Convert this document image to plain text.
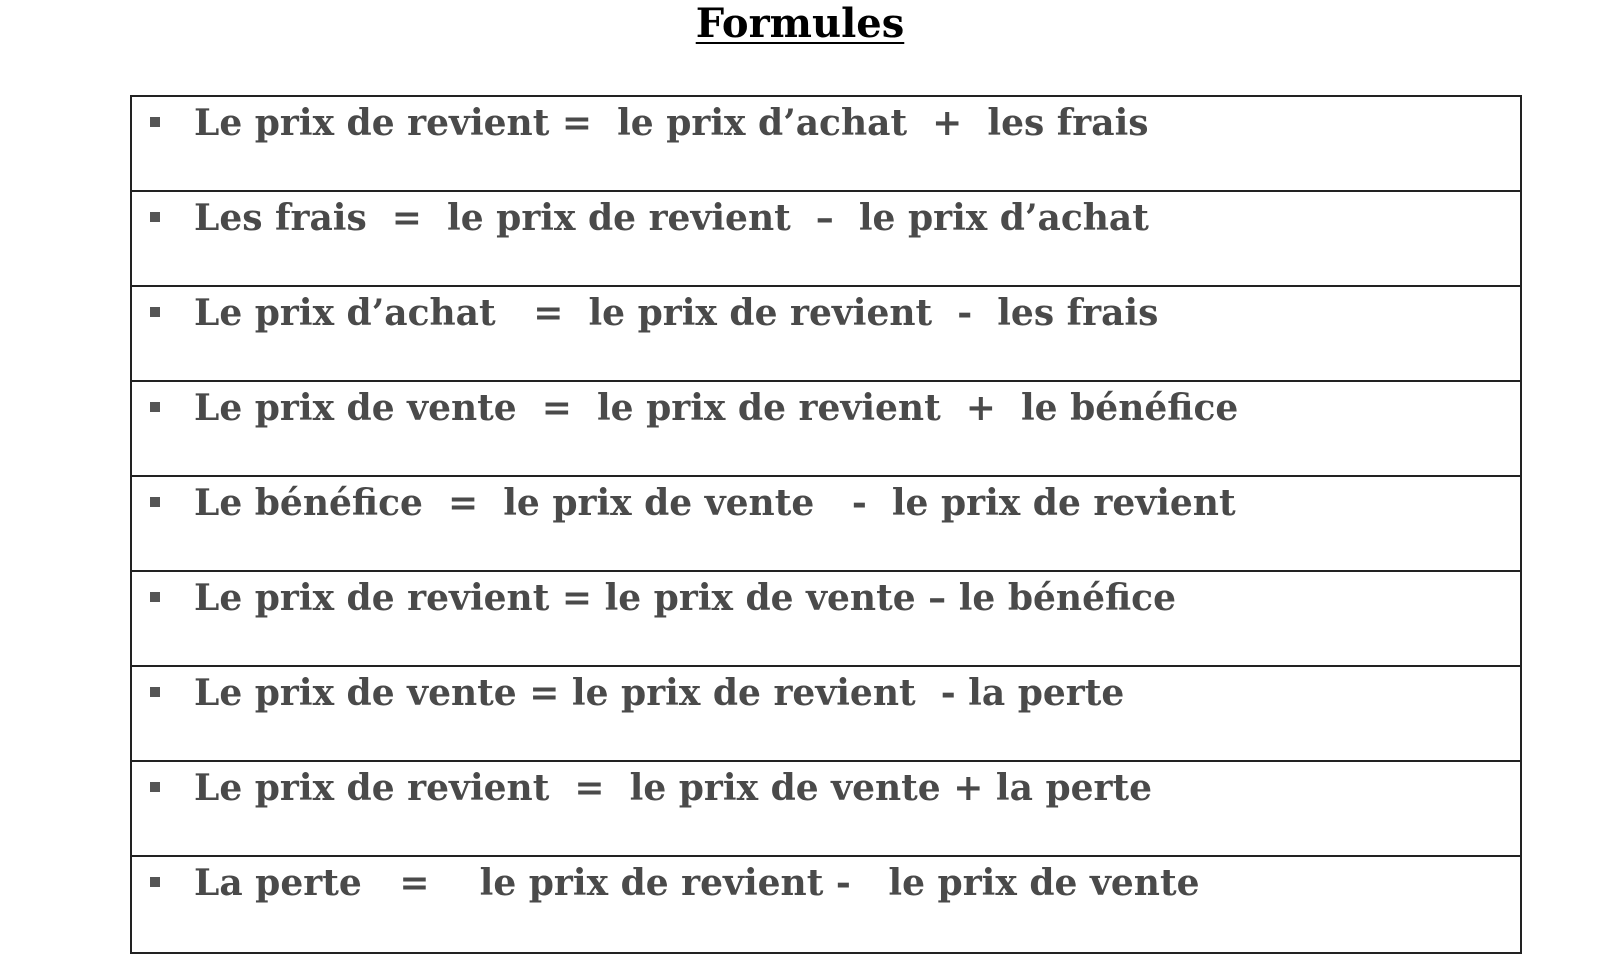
Formules
Le prix de revient =  le prix d’achat  +  les frais
Les frais  =  le prix de revient  –  le prix d’achat
Le prix d’achat   =  le prix de revient  -  les frais
Le prix de vente  =  le prix de revient  +  le bénéfice
Le bénéfice  =  le prix de vente   -  le prix de revient
Le prix de revient = le prix de vente – le bénéfice
Le prix de vente = le prix de revient  - la perte
Le prix de revient  =  le prix de vente + la perte
La perte   =    le prix de revient -   le prix de vente
